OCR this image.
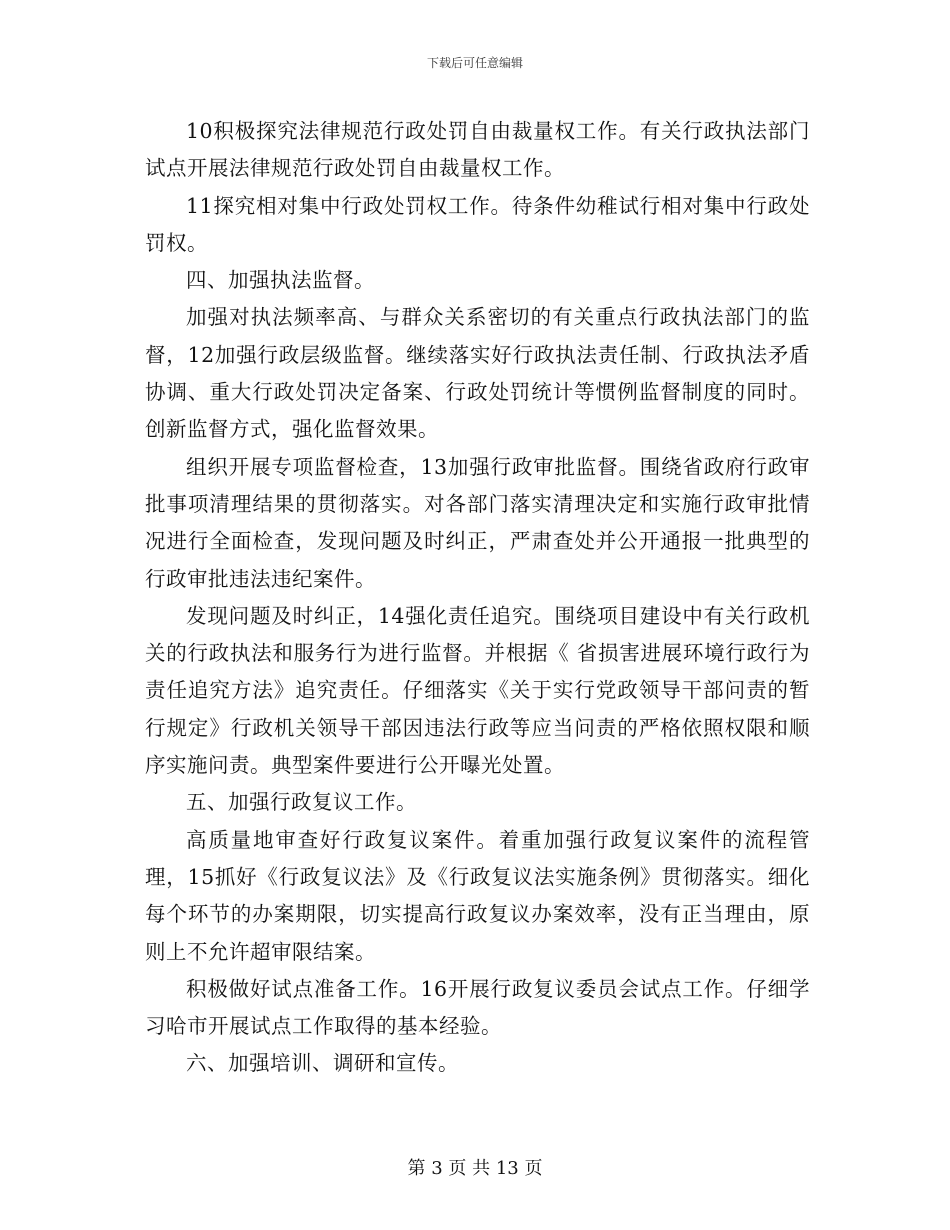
下载后可任意编辑

10积极探究法律规范行政处罚自由裁量权工作。有关行政执法部门试点开展法律规范行政处罚自由裁量权工作。

11探究相对集中行政处罚权工作。待条件幼稚试行相对集中行政处罚权。

四、加强执法监督。

加强对执法频率高、与群众关系密切的有关重点行政执法部门的监督，12加强行政层级监督。继续落实好行政执法责任制、行政执法矛盾协调、重大行政处罚决定备案、行政处罚统计等惯例监督制度的同时。创新监督方式，强化监督效果。

组织开展专项监督检查，13加强行政审批监督。围绕省政府行政审批事项清理结果的贯彻落实。对各部门落实清理决定和实施行政审批情况进行全面检查，发现问题及时纠正，严肃查处并公开通报一批典型的行政审批违法违纪案件。

发现问题及时纠正，14强化责任追究。围绕项目建设中有关行政机关的行政执法和服务行为进行监督。并根据《 省损害进展环境行政行为责任追究方法》追究责任。仔细落实《关于实行党政领导干部问责的暂行规定》行政机关领导干部因违法行政等应当问责的严格依照权限和顺序实施问责。典型案件要进行公开曝光处置。

五、加强行政复议工作。

高质量地审查好行政复议案件。着重加强行政复议案件的流程管理，15抓好《行政复议法》及《行政复议法实施条例》贯彻落实。细化每个环节的办案期限，切实提高行政复议办案效率，没有正当理由，原则上不允许超审限结案。

积极做好试点准备工作。16开展行政复议委员会试点工作。仔细学习哈市开展试点工作取得的基本经验。

六、加强培训、调研和宣传。

第 3 页 共 13 页
